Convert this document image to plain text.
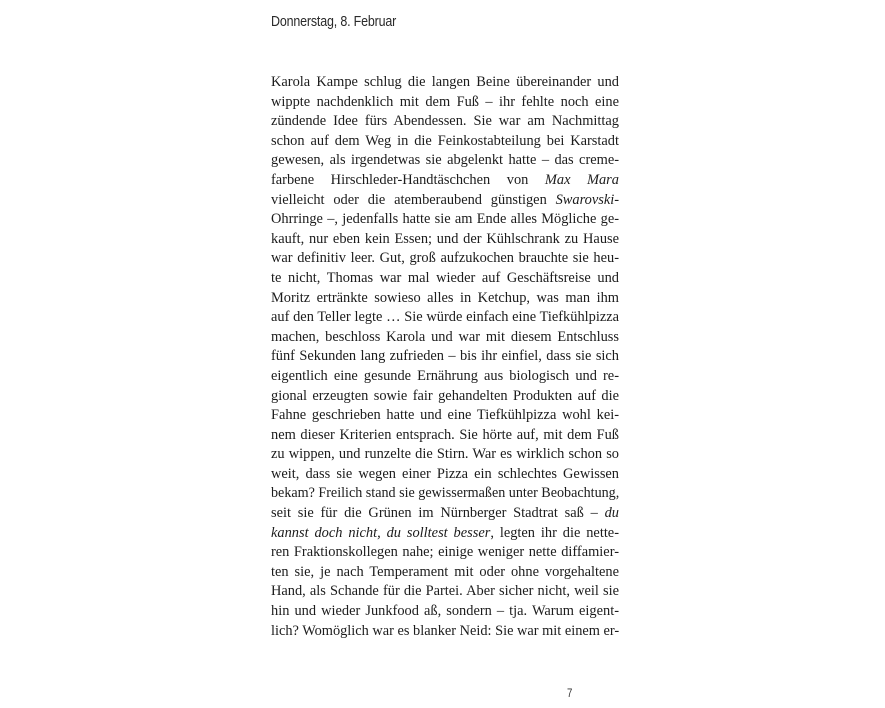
Donnerstag, 8. Februar
Karola Kampe schlug die langen Beine übereinander und
wippte nachdenklich mit dem Fuß – ihr fehlte noch eine
zündende Idee fürs Abendessen. Sie war am Nachmittag
schon auf dem Weg in die Feinkostabteilung bei Karstadt
gewesen, als irgendetwas sie abgelenkt hatte – das creme-
farbene Hirschleder-Handtäschchen von Max Mara
vielleicht oder die atemberaubend günstigen Swarovski-
Ohrringe –, jedenfalls hatte sie am Ende alles Mögliche ge-
kauft, nur eben kein Essen; und der Kühlschrank zu Hause
war definitiv leer. Gut, groß aufzukochen brauchte sie heu-
te nicht, Thomas war mal wieder auf Geschäftsreise und
Moritz ertränkte sowieso alles in Ketchup, was man ihm
auf den Teller legte … Sie würde einfach eine Tiefkühlpizza
machen, beschloss Karola und war mit diesem Entschluss
fünf Sekunden lang zufrieden – bis ihr einfiel, dass sie sich
eigentlich eine gesunde Ernährung aus biologisch und re-
gional erzeugten sowie fair gehandelten Produkten auf die
Fahne geschrieben hatte und eine Tiefkühlpizza wohl kei-
nem dieser Kriterien entsprach. Sie hörte auf, mit dem Fuß
zu wippen, und runzelte die Stirn. War es wirklich schon so
weit, dass sie wegen einer Pizza ein schlechtes Gewissen
bekam? Freilich stand sie gewissermaßen unter Beobachtung,
seit sie für die Grünen im Nürnberger Stadtrat saß – du
kannst doch nicht, du solltest besser, legten ihr die nette-
ren Fraktionskollegen nahe; einige weniger nette diffamier-
ten sie, je nach Temperament mit oder ohne vorgehaltene
Hand, als Schande für die Partei. Aber sicher nicht, weil sie
hin und wieder Junkfood aß, sondern – tja. Warum eigent-
lich? Womöglich war es blanker Neid: Sie war mit einem er-
7
